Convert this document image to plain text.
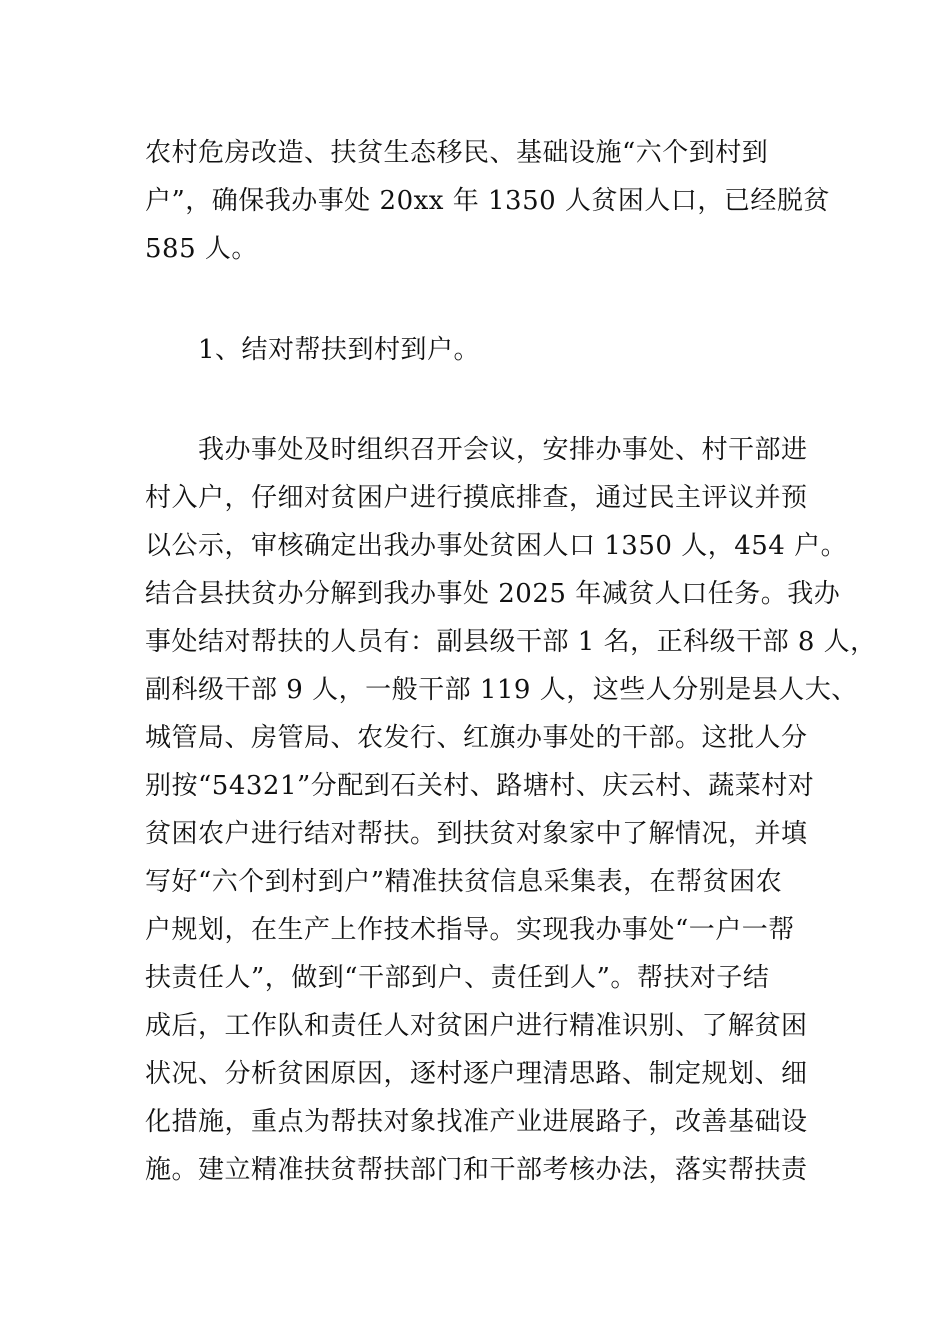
农村危房改造、扶贫生态移民、基础设施“六个到村到
户”，确保我办事处 20xx 年 1350 人贫困人口，已经脱贫
585 人。
1、结对帮扶到村到户。
我办事处及时组织召开会议，安排办事处、村干部进
村入户，仔细对贫困户进行摸底排查，通过民主评议并预
以公示，审核确定出我办事处贫困人口 1350 人，454 户。
结合县扶贫办分解到我办事处 2025 年减贫人口任务。我办
事处结对帮扶的人员有：副县级干部 1 名，正科级干部 8 人，
副科级干部 9 人，一般干部 119 人，这些人分别是县人大、
城管局、房管局、农发行、红旗办事处的干部。这批人分
别按“54321”分配到石关村、路塘村、庆云村、蔬菜村对
贫困农户进行结对帮扶。到扶贫对象家中了解情况，并填
写好“六个到村到户”精准扶贫信息采集表，在帮贫困农
户规划，在生产上作技术指导。实现我办事处“一户一帮
扶责任人”，做到“干部到户、责任到人”。帮扶对子结
成后，工作队和责任人对贫困户进行精准识别、了解贫困
状况、分析贫困原因，逐村逐户理清思路、制定规划、细
化措施，重点为帮扶对象找准产业进展路子，改善基础设
施。建立精准扶贫帮扶部门和干部考核办法，落实帮扶责
